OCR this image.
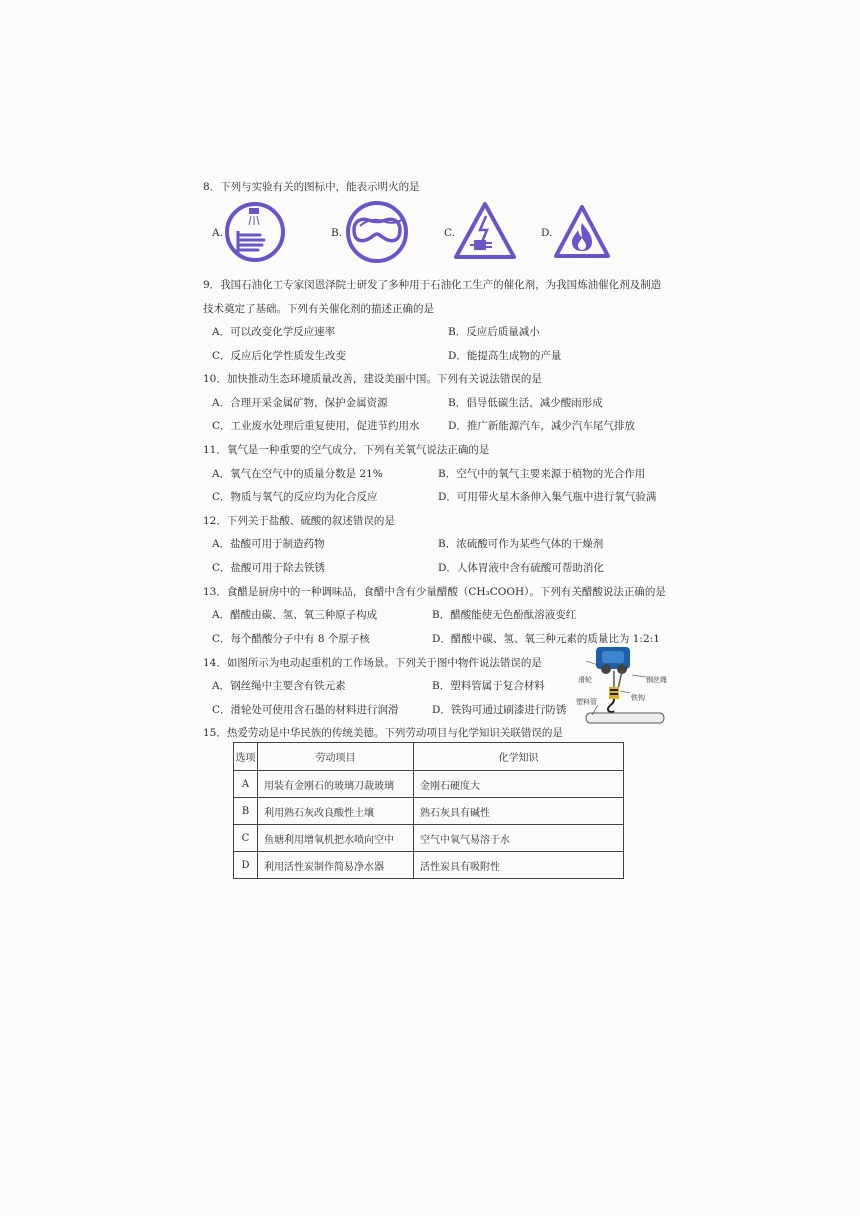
8．下列与实验有关的图标中，能表示明火的是
A.	B.	C.	D.
9．我国石油化工专家闵恩泽院士研发了多种用于石油化工生产的催化剂，为我国炼油催化剂及制造
技术奠定了基础。下列有关催化剂的描述正确的是
A．可以改变化学反应速率	B．反应后质量减小
C．反应后化学性质发生改变	D．能提高生成物的产量
10．加快推动生态环境质量改善，建设美丽中国。下列有关说法错误的是
A．合理开采金属矿物，保护金属资源	B．倡导低碳生活，减少酸雨形成
C．工业废水处理后重复使用，促进节约用水	D．推广新能源汽车，减少汽车尾气排放
11．氧气是一种重要的空气成分，下列有关氧气说法正确的是
A．氧气在空气中的质量分数是 21%	B．空气中的氧气主要来源于植物的光合作用
C．物质与氧气的反应均为化合反应	D．可用带火星木条伸入集气瓶中进行氧气验满
12．下列关于盐酸、硫酸的叙述错误的是
A．盐酸可用于制造药物	B．浓硫酸可作为某些气体的干燥剂
C．盐酸可用于除去铁锈	D．人体胃液中含有硫酸可帮助消化
13．食醋是厨房中的一种调味品，食醋中含有少量醋酸（CH₃COOH）。下列有关醋酸说法正确的是
A．醋酸由碳、氢、氧三种原子构成	B．醋酸能使无色酚酞溶液变红
C．每个醋酸分子中有 8 个原子核	D．醋酸中碳、氢、氧三种元素的质量比为 1:2:1
14．如图所示为电动起重机的工作场景。下列关于图中物件说法错误的是
A．钢丝绳中主要含有铁元素	B．塑料管属于复合材料
C．滑轮处可使用含石墨的材料进行润滑	D．铁钩可通过刷漆进行防锈
滑轮	钢丝绳
铁钩
塑料管
15．热爱劳动是中华民族的传统美德。下列劳动项目与化学知识关联错误的是
选项	劳动项目	化学知识
A	用装有金刚石的玻璃刀裁玻璃	金刚石硬度大
B	利用熟石灰改良酸性土壤	熟石灰具有碱性
C	鱼塘利用增氧机把水喷向空中	空气中氧气易溶于水
D	利用活性炭制作简易净水器	活性炭具有吸附性
